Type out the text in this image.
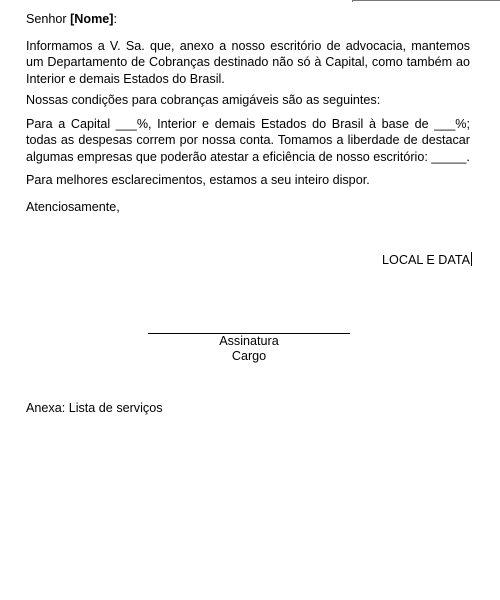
Senhor [Nome]:

Informamos a V. Sa. que, anexo a nosso escritório de advocacia, mantemos um Departamento de Cobranças destinado não só à Capital, como também ao Interior e demais Estados do Brasil.

Nossas condições para cobranças amigáveis são as seguintes:

Para a Capital ___%, Interior e demais Estados do Brasil à base de ___%; todas as despesas correm por nossa conta. Tomamos a liberdade de destacar algumas empresas que poderão atestar a eficiência de nosso escritório: _____.

Para melhores esclarecimentos, estamos a seu inteiro dispor.

Atenciosamente,

LOCAL E DATA
Assinatura
Cargo

Anexa: Lista de serviços
